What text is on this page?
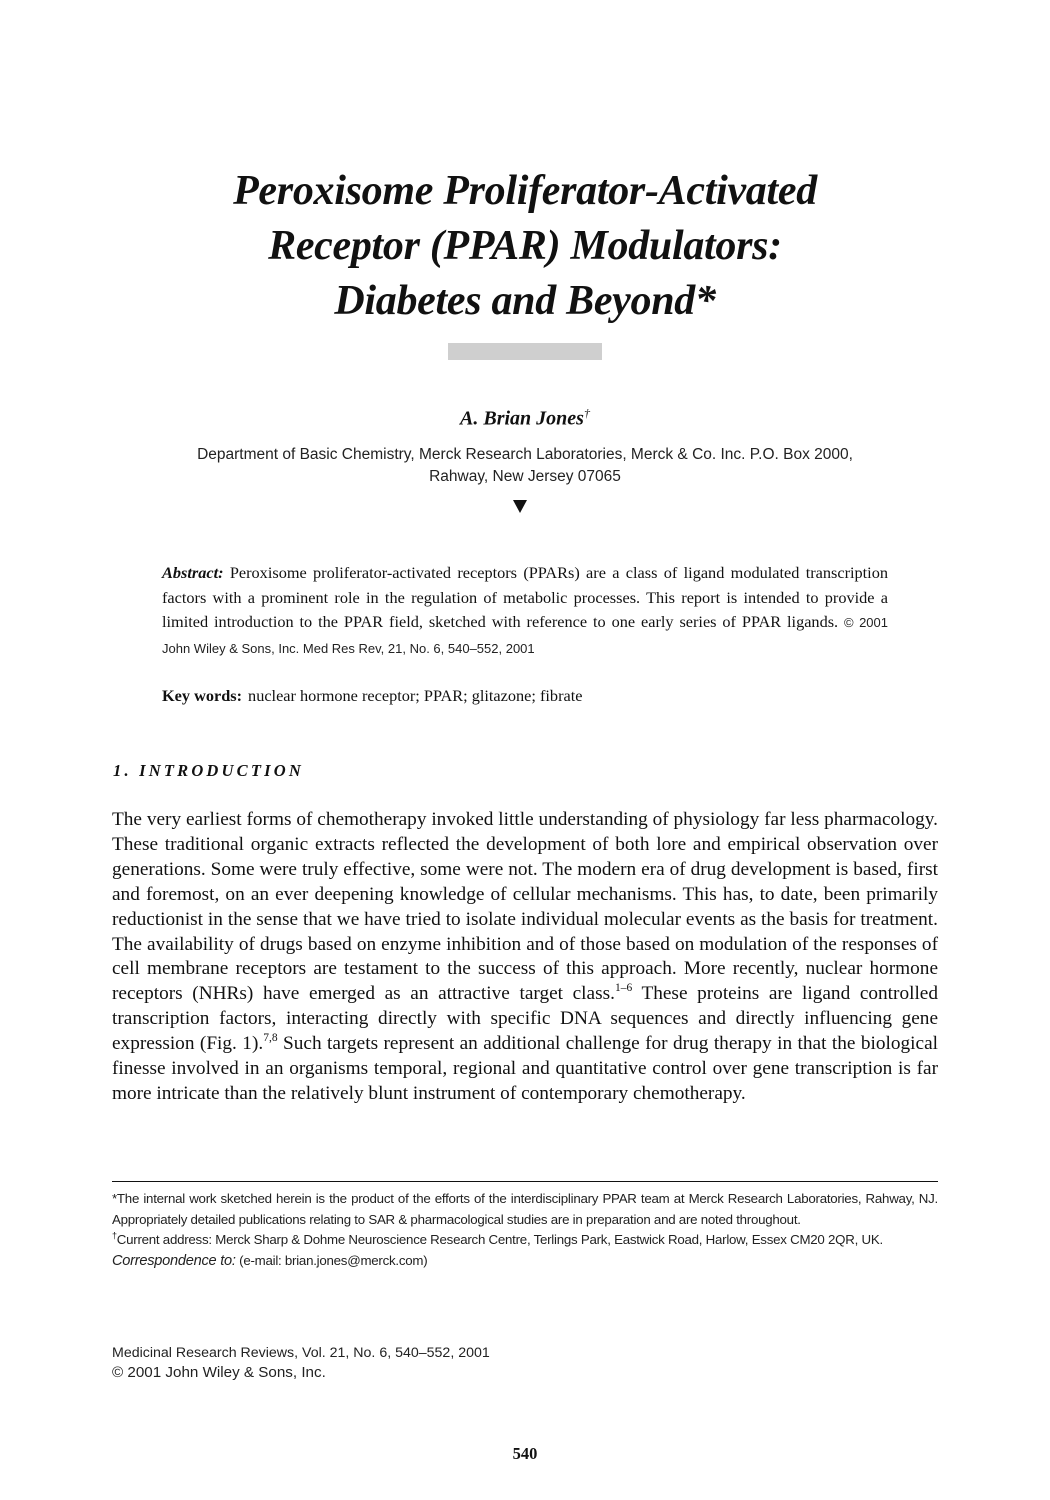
Peroxisome Proliferator-Activated
Receptor (PPAR) Modulators:
Diabetes and Beyond*
A. Brian Jones†
Department of Basic Chemistry, Merck Research Laboratories, Merck & Co. Inc. P.O. Box 2000,
Rahway, New Jersey 07065
Abstract: Peroxisome proliferator-activated receptors (PPARs) are a class of ligand modulated transcription factors with a prominent role in the regulation of metabolic processes. This report is intended to provide a limited introduction to the PPAR field, sketched with reference to one early series of PPAR ligands. © 2001 John Wiley & Sons, Inc. Med Res Rev, 21, No. 6, 540–552, 2001
Key words: nuclear hormone receptor; PPAR; glitazone; fibrate
1. INTRODUCTION

The very earliest forms of chemotherapy invoked little understanding of physiology far less pharmacology. These traditional organic extracts reflected the development of both lore and empirical observation over generations. Some were truly effective, some were not. The modern era of drug development is based, first and foremost, on an ever deepening knowledge of cellular mechanisms. This has, to date, been primarily reductionist in the sense that we have tried to isolate individual molecular events as the basis for treatment. The availability of drugs based on enzyme inhibition and of those based on modulation of the responses of cell membrane receptors are testament to the success of this approach. More recently, nuclear hormone receptors (NHRs) have emerged as an attractive target class.$^{1-6}$ These proteins are ligand controlled transcription factors, interacting directly with specific DNA sequences and directly influencing gene expression (Fig. 1).$^{7,8}$ Such targets represent an additional challenge for drug therapy in that the biological finesse involved in an organisms temporal, regional and quantitative control over gene transcription is far more intricate than the relatively blunt instrument of contemporary chemotherapy.

*The internal work sketched herein is the product of the efforts of the interdisciplinary PPAR team at Merck Research Laboratories, Rahway, NJ. Appropriately detailed publications relating to SAR & pharmacological studies are in preparation and are noted throughout.

†Current address: Merck Sharp & Dohme Neuroscience Research Centre, Terlings Park, Eastwick Road, Harlow, Essex CM20 2QR, UK.

Correspondence to: (e-mail: brian.jones@merck.com)

Medicinal Research Reviews, Vol. 21, No. 6, 540–552, 2001
© 2001 John Wiley & Sons, Inc.
540
